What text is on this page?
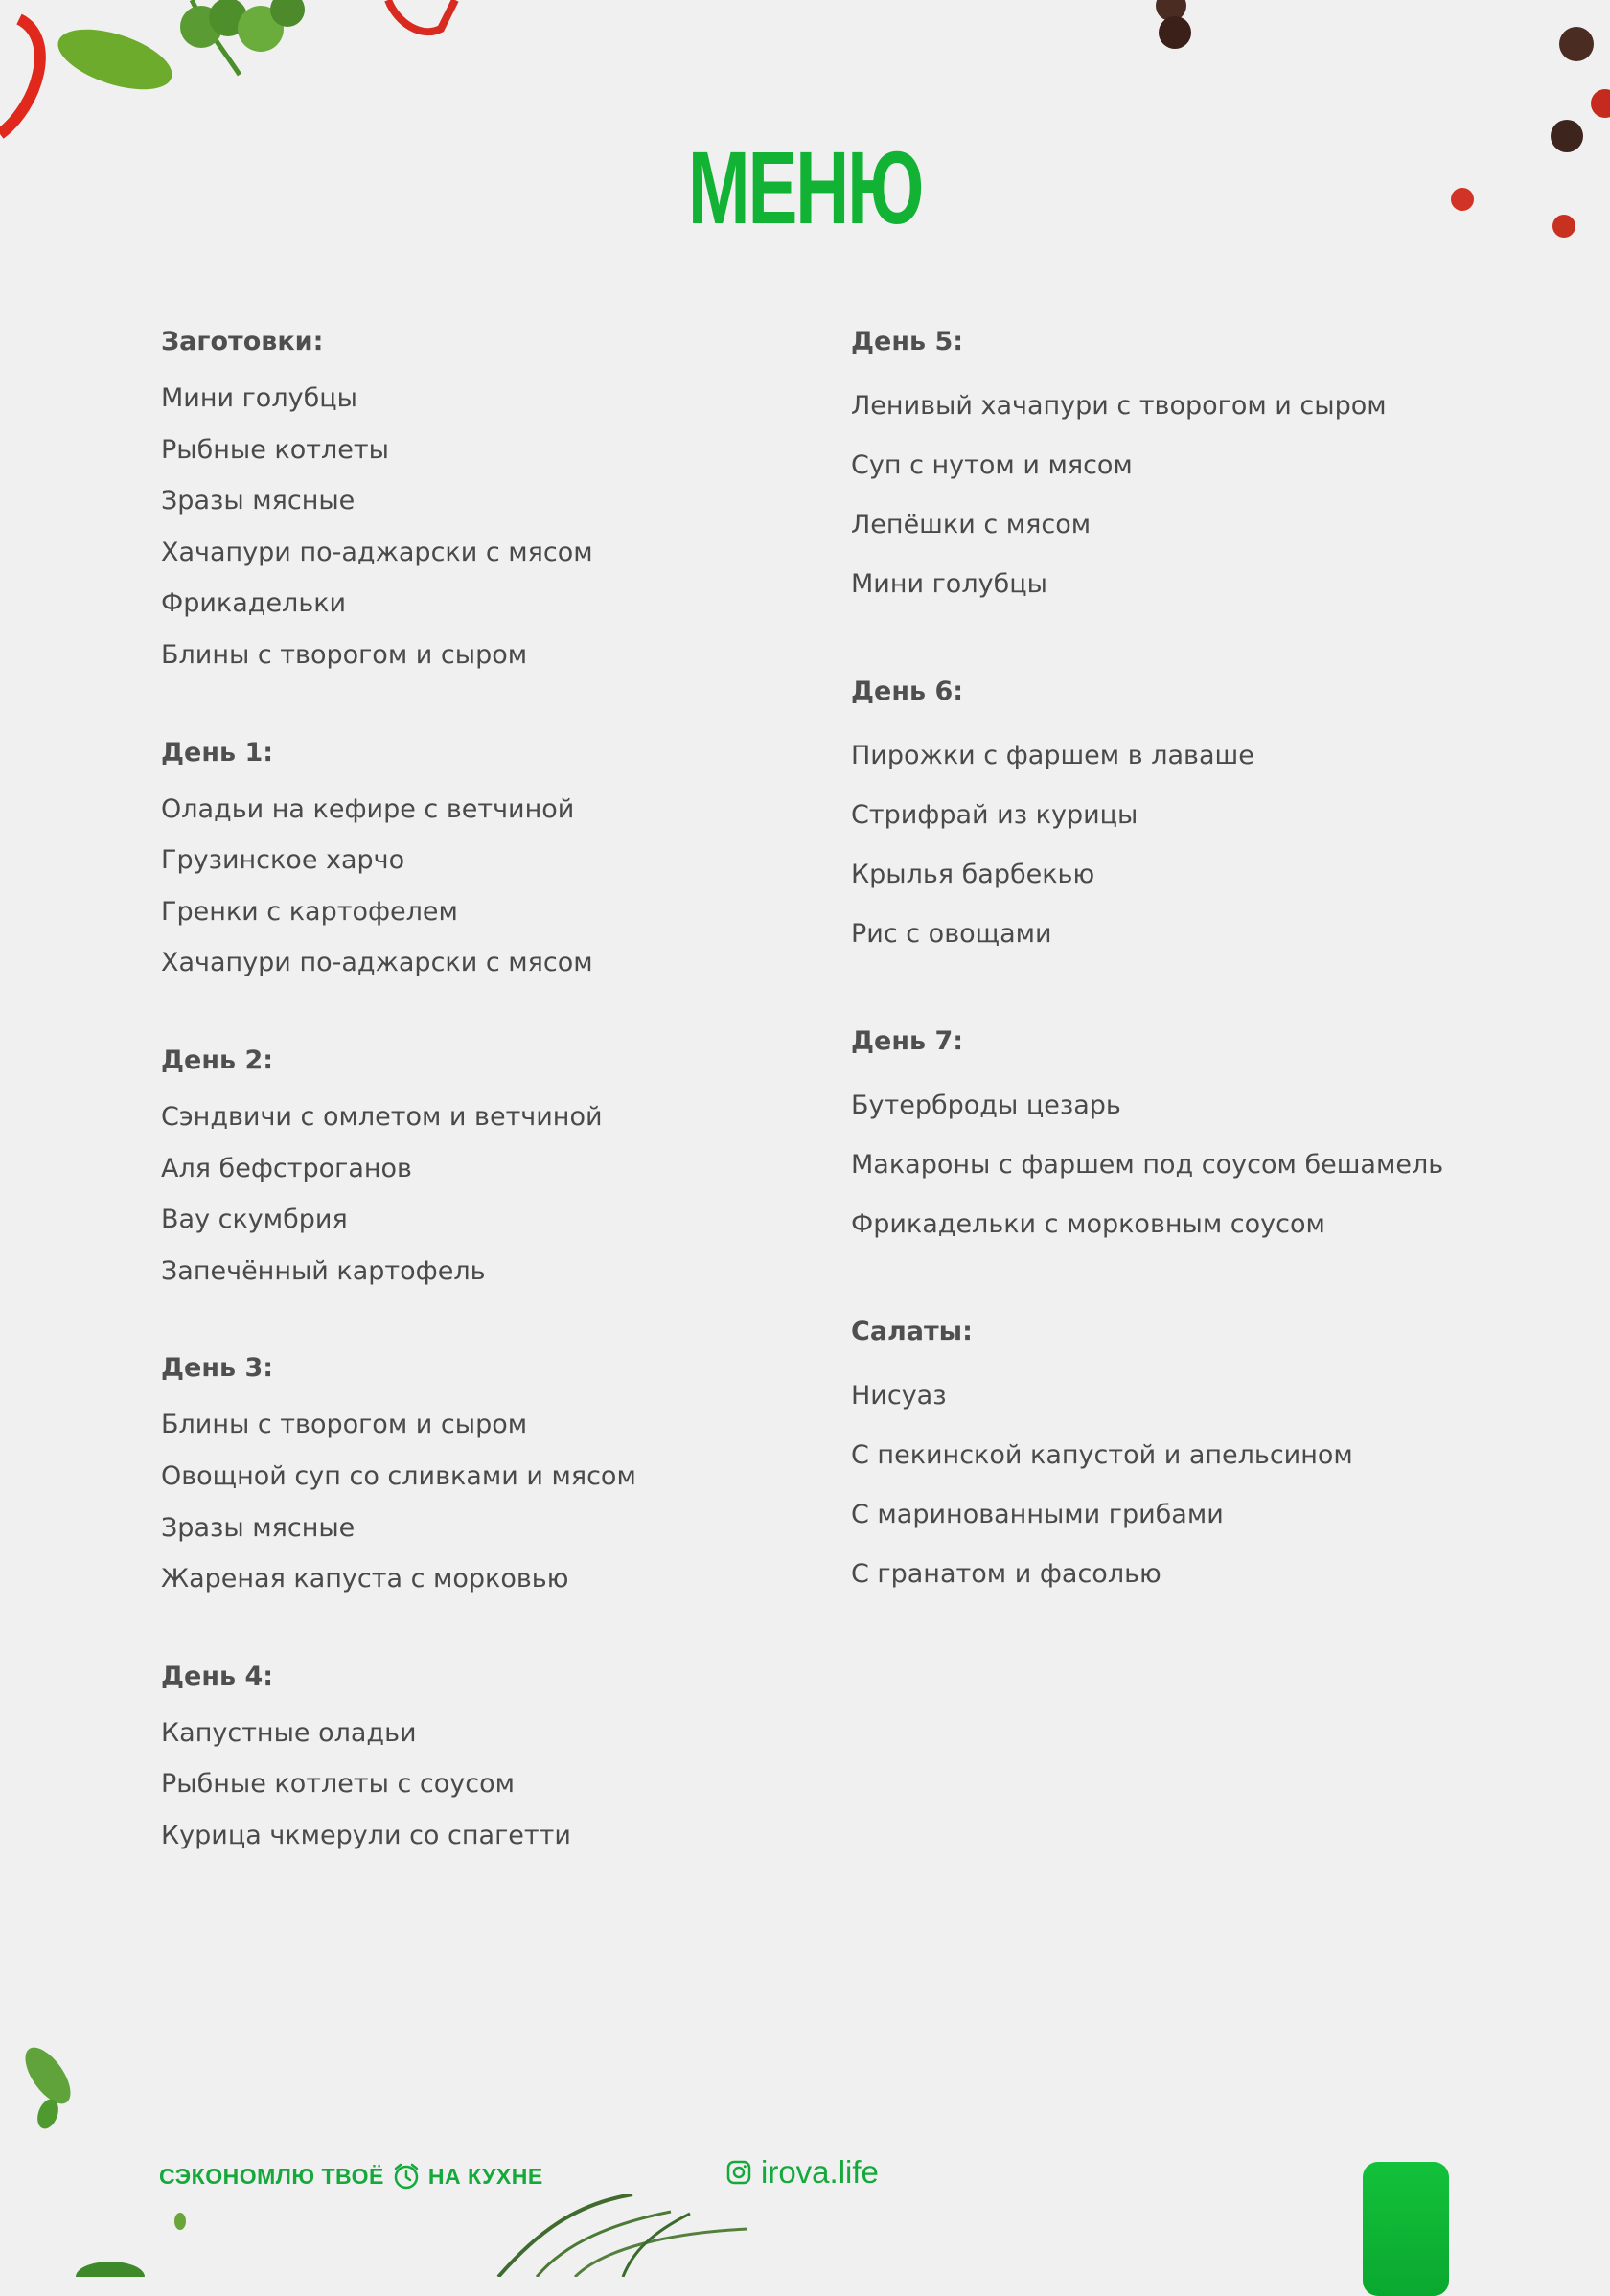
МЕНЮ

Заготовки:

Мини голубцы

Рыбные котлеты

Зразы мясные

Хачапури по-аджарски с мясом

Фрикадельки

Блины с творогом и сыром

День 1:

Оладьи на кефире с ветчиной

Грузинское харчо

Гренки с картофелем

Хачапури по-аджарски с мясом

День 2:

Сэндвичи с омлетом и ветчиной

Аля бефстроганов

Вау скумбрия

Запечённый картофель

День 3:

Блины с творогом и сыром

Овощной суп со сливками и мясом

Зразы мясные

Жареная капуста с морковью

День 4:

Капустные оладьи

Рыбные котлеты с соусом

Курица чкмерули со спагетти

День 5:

Ленивый хачапури с творогом и сыром

Суп с нутом и мясом

Лепёшки с мясом

Мини голубцы

День 6:

Пирожки с фаршем в лаваше

Стрифрай из курицы

Крылья барбекью

Рис с овощами

День 7:

Бутерброды цезарь

Макароны с фаршем под соусом бешамель

Фрикадельки с морковным соусом

Салаты:

Нисуаз

С пекинской капустой и апельсином

С маринованными грибами

С гранатом и фасолью

СЭКОНОМЛЮ ТВОЁ НА КУХНЕ	irova.life
